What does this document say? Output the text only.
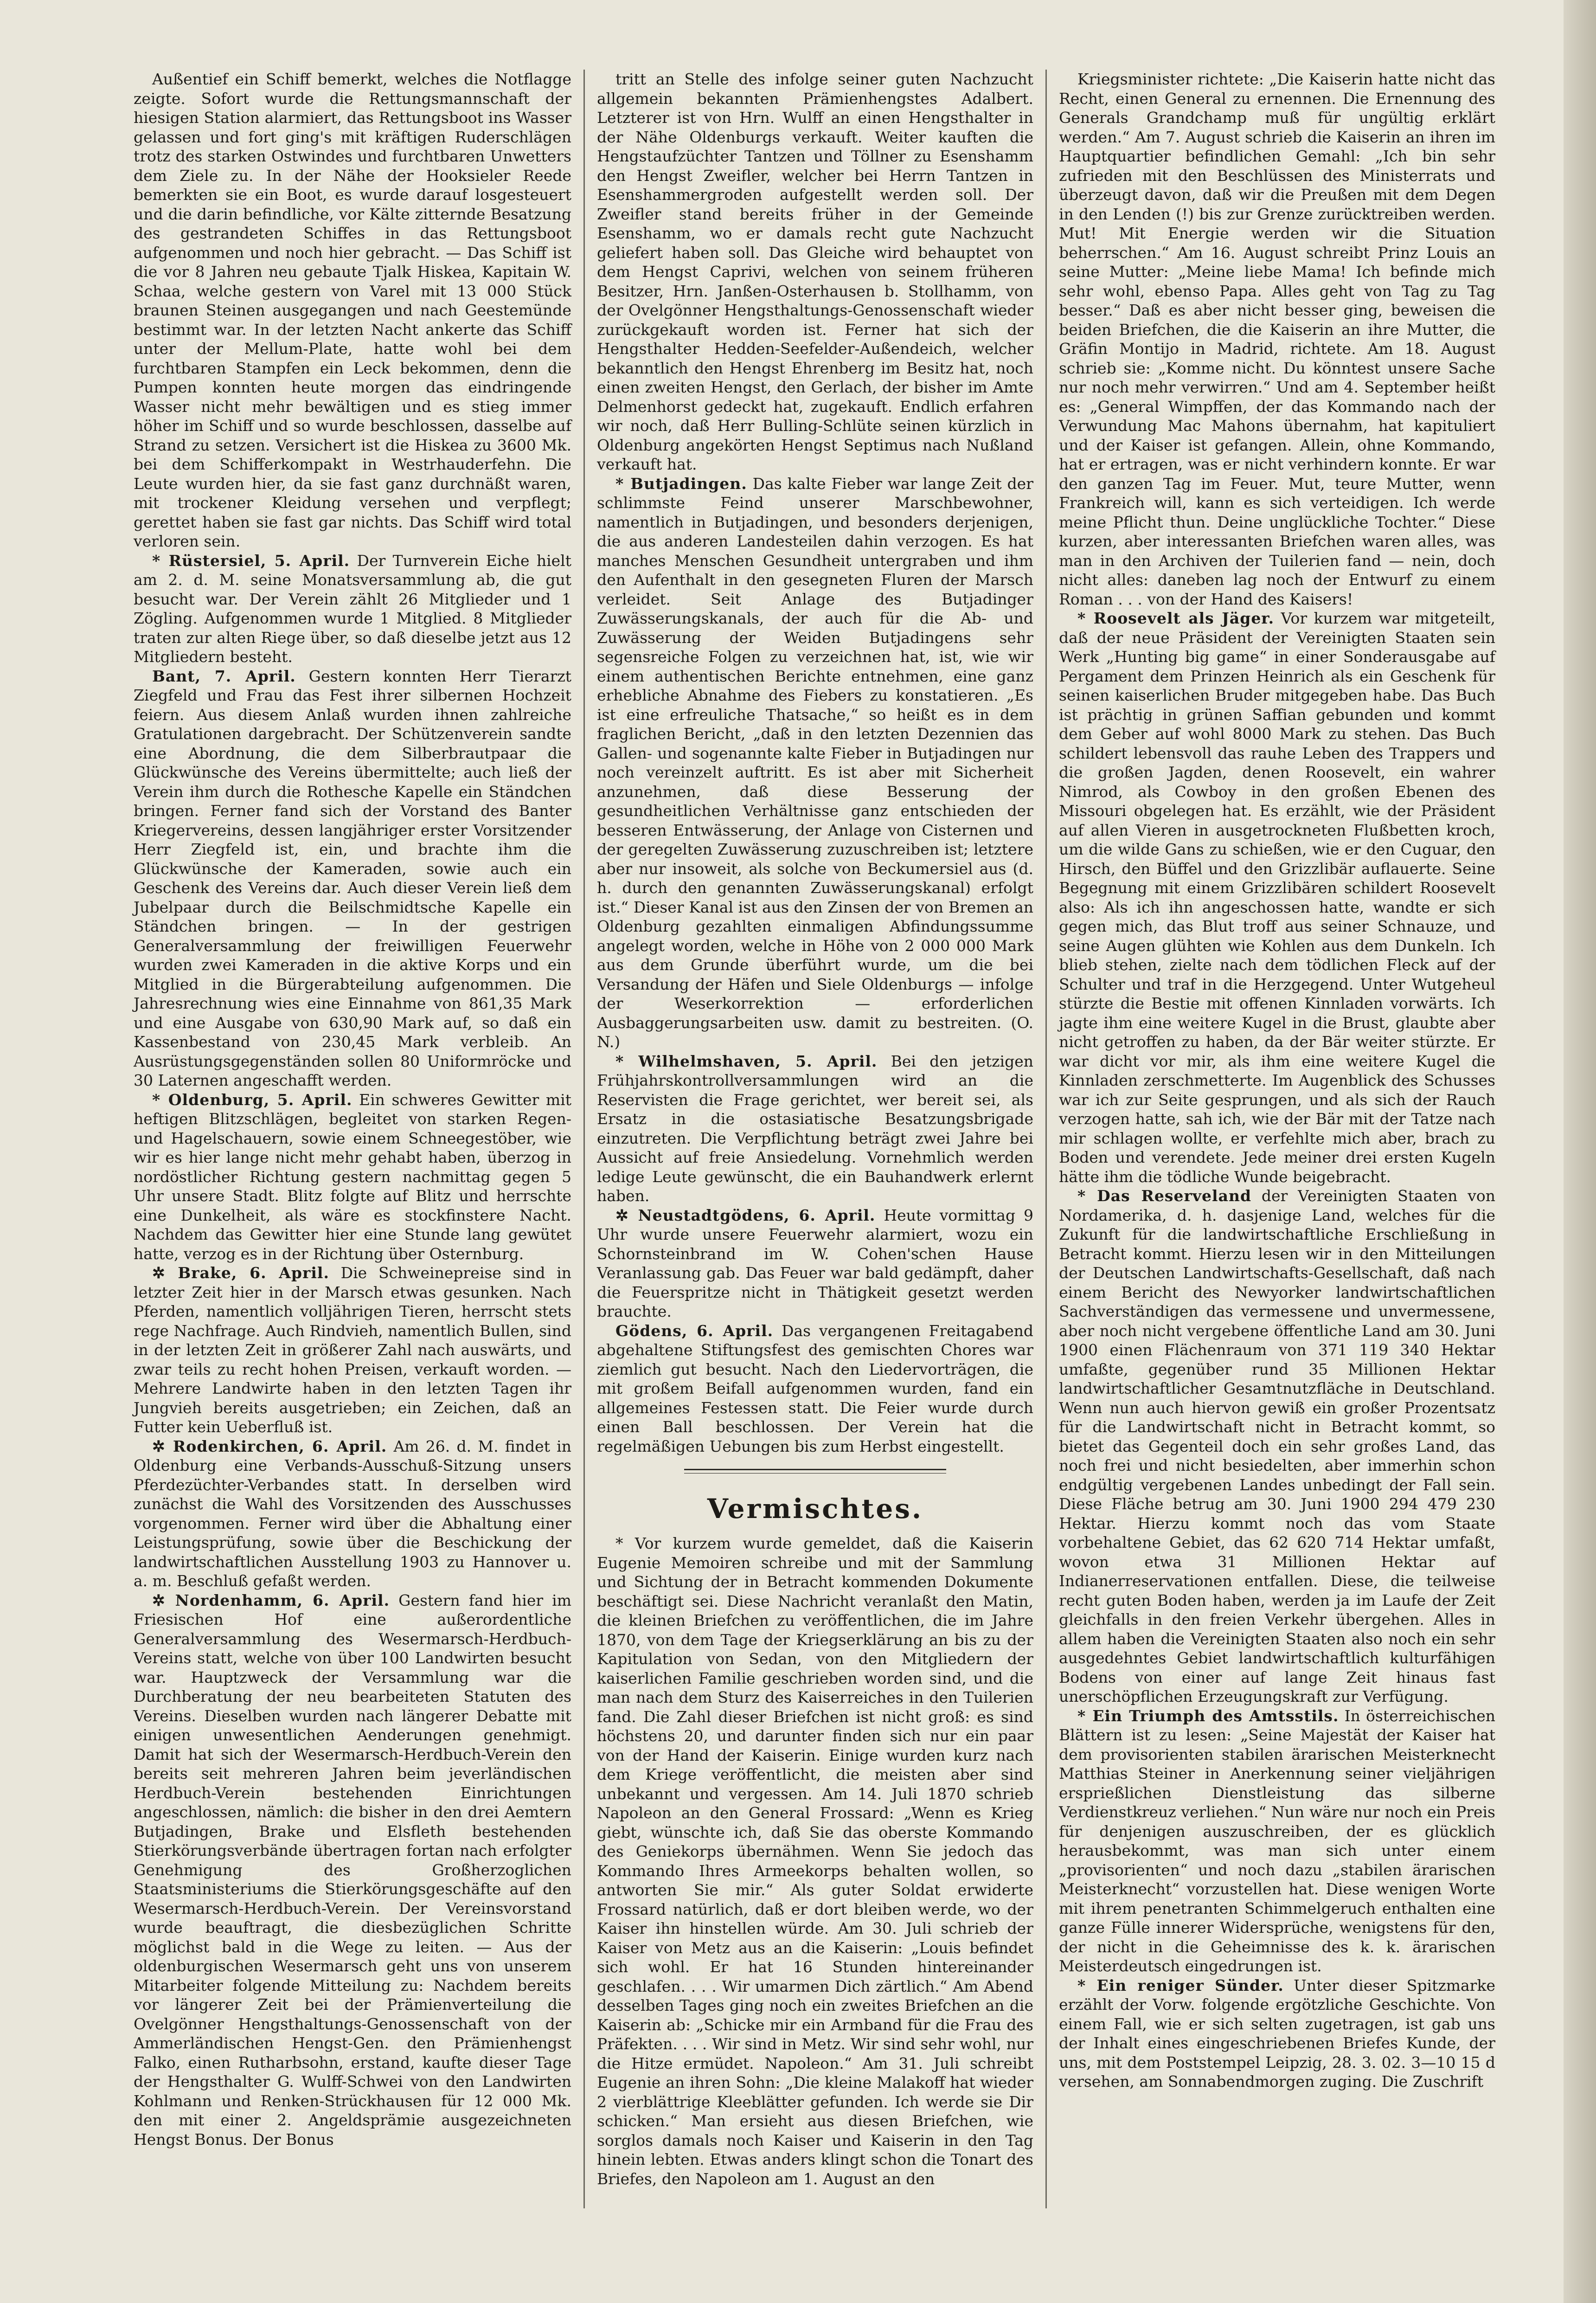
Außentief ein Schiff bemerkt, welches die Notflagge zeigte. Sofort wurde die Rettungsmannschaft der hiesigen Station alarmiert, das Rettungsboot ins Wasser gelassen und fort ging's mit kräftigen Ruderschlägen trotz des starken Ostwindes und furchtbaren Unwetters dem Ziele zu. In der Nähe der Hooksieler Reede bemerkten sie ein Boot, es wurde darauf losgesteuert und die darin befindliche, vor Kälte zitternde Besatzung des gestrandeten Schiffes in das Rettungsboot aufgenommen und noch hier gebracht. — Das Schiff ist die vor 8 Jahren neu gebaute Tjalk Hiskea, Kapitain W. Schaa, welche gestern von Varel mit 13 000 Stück braunen Steinen ausgegangen und nach Geestemünde bestimmt war. In der letzten Nacht ankerte das Schiff unter der Mellum-Plate, hatte wohl bei dem furchtbaren Stampfen ein Leck bekommen, denn die Pumpen konnten heute morgen das eindringende Wasser nicht mehr bewältigen und es stieg immer höher im Schiff und so wurde beschlossen, dasselbe auf Strand zu setzen. Versichert ist die Hiskea zu 3600 Mk. bei dem Schifferkompakt in Westrhauderfehn. Die Leute wurden hier, da sie fast ganz durchnäßt waren, mit trockener Kleidung versehen und verpflegt; gerettet haben sie fast gar nichts. Das Schiff wird total verloren sein.

* Rüstersiel, 5. April. Der Turnverein Eiche hielt am 2. d. M. seine Monatsversammlung ab, die gut besucht war. Der Verein zählt 26 Mitglieder und 1 Zögling. Aufgenommen wurde 1 Mitglied. 8 Mitglieder traten zur alten Riege über, so daß dieselbe jetzt aus 12 Mitgliedern besteht.

Bant, 7. April. Gestern konnten Herr Tierarzt Ziegfeld und Frau das Fest ihrer silbernen Hochzeit feiern. Aus diesem Anlaß wurden ihnen zahlreiche Gratulationen dargebracht. Der Schützenverein sandte eine Abordnung, die dem Silberbrautpaar die Glückwünsche des Vereins übermittelte; auch ließ der Verein ihm durch die Rothesche Kapelle ein Ständchen bringen. Ferner fand sich der Vorstand des Banter Kriegervereins, dessen langjähriger erster Vorsitzender Herr Ziegfeld ist, ein, und brachte ihm die Glückwünsche der Kameraden, sowie auch ein Geschenk des Vereins dar. Auch dieser Verein ließ dem Jubelpaar durch die Beilschmidtsche Kapelle ein Ständchen bringen. — In der gestrigen Generalversammlung der freiwilligen Feuerwehr wurden zwei Kameraden in die aktive Korps und ein Mitglied in die Bürgerabteilung aufgenommen. Die Jahresrechnung wies eine Einnahme von 861,35 Mark und eine Ausgabe von 630,90 Mark auf, so daß ein Kassenbestand von 230,45 Mark verbleib. An Ausrüstungsgegenständen sollen 80 Uniformröcke und 30 Laternen angeschafft werden.

* Oldenburg, 5. April. Ein schweres Gewitter mit heftigen Blitzschlägen, begleitet von starken Regen- und Hagelschauern, sowie einem Schneegestöber, wie wir es hier lange nicht mehr gehabt haben, überzog in nordöstlicher Richtung gestern nachmittag gegen 5 Uhr unsere Stadt. Blitz folgte auf Blitz und herrschte eine Dunkelheit, als wäre es stockfinstere Nacht. Nachdem das Gewitter hier eine Stunde lang gewütet hatte, verzog es in der Richtung über Osternburg.

✲ Brake, 6. April. Die Schweinepreise sind in letzter Zeit hier in der Marsch etwas gesunken. Nach Pferden, namentlich volljährigen Tieren, herrscht stets rege Nachfrage. Auch Rindvieh, namentlich Bullen, sind in der letzten Zeit in größerer Zahl nach auswärts, und zwar teils zu recht hohen Preisen, verkauft worden. — Mehrere Landwirte haben in den letzten Tagen ihr Jungvieh bereits ausgetrieben; ein Zeichen, daß an Futter kein Ueberfluß ist.

✲ Rodenkirchen, 6. April. Am 26. d. M. findet in Oldenburg eine Verbands-Ausschuß-Sitzung unsers Pferdezüchter-Verbandes statt. In derselben wird zunächst die Wahl des Vorsitzenden des Ausschusses vorgenommen. Ferner wird über die Abhaltung einer Leistungsprüfung, sowie über die Beschickung der landwirtschaftlichen Ausstellung 1903 zu Hannover u. a. m. Beschluß gefaßt werden.

✲ Nordenhamm, 6. April. Gestern fand hier im Friesischen Hof eine außerordentliche Generalversammlung des Wesermarsch-Herdbuch-Vereins statt, welche von über 100 Landwirten besucht war. Hauptzweck der Versammlung war die Durchberatung der neu bearbeiteten Statuten des Vereins. Dieselben wurden nach längerer Debatte mit einigen unwesentlichen Aenderungen genehmigt. Damit hat sich der Wesermarsch-Herdbuch-Verein den bereits seit mehreren Jahren beim jeverländischen Herdbuch-Verein bestehenden Einrichtungen angeschlossen, nämlich: die bisher in den drei Aemtern Butjadingen, Brake und Elsfleth bestehenden Stierkörungsverbände übertragen fortan nach erfolgter Genehmigung des Großherzoglichen Staatsministeriums die Stierkörungsgeschäfte auf den Wesermarsch-Herdbuch-Verein. Der Vereinsvorstand wurde beauftragt, die diesbezüglichen Schritte möglichst bald in die Wege zu leiten. — Aus der oldenburgischen Wesermarsch geht uns von unserem Mitarbeiter folgende Mitteilung zu: Nachdem bereits vor längerer Zeit bei der Prämienverteilung die Ovelgönner Hengsthaltungs-Genossenschaft von der Ammerländischen Hengst-Gen. den Prämienhengst Falko, einen Rutharbsohn, erstand, kaufte dieser Tage der Hengsthalter G. Wulff-Schwei von den Landwirten Kohlmann und Renken-Strückhausen für 12 000 Mk. den mit einer 2. Angeldsprämie ausgezeichneten Hengst Bonus. Der Bonus

tritt an Stelle des infolge seiner guten Nachzucht allgemein bekannten Prämienhengstes Adalbert. Letzterer ist von Hrn. Wulff an einen Hengsthalter in der Nähe Oldenburgs verkauft. Weiter kauften die Hengstaufzüchter Tantzen und Töllner zu Esenshamm den Hengst Zweifler, welcher bei Herrn Tantzen in Esenshammergroden aufgestellt werden soll. Der Zweifler stand bereits früher in der Gemeinde Esenshamm, wo er damals recht gute Nachzucht geliefert haben soll. Das Gleiche wird behauptet von dem Hengst Caprivi, welchen von seinem früheren Besitzer, Hrn. Janßen-Osterhausen b. Stollhamm, von der Ovelgönner Hengsthaltungs-Genossenschaft wieder zurückgekauft worden ist. Ferner hat sich der Hengsthalter Hedden-Seefelder-Außendeich, welcher bekanntlich den Hengst Ehrenberg im Besitz hat, noch einen zweiten Hengst, den Gerlach, der bisher im Amte Delmenhorst gedeckt hat, zugekauft. Endlich erfahren wir noch, daß Herr Bulling-Schlüte seinen kürzlich in Oldenburg angekörten Hengst Septimus nach Nußland verkauft hat.

* Butjadingen. Das kalte Fieber war lange Zeit der schlimmste Feind unserer Marschbewohner, namentlich in Butjadingen, und besonders derjenigen, die aus anderen Landesteilen dahin verzogen. Es hat manches Menschen Gesundheit untergraben und ihm den Aufenthalt in den gesegneten Fluren der Marsch verleidet. Seit Anlage des Butjadinger Zuwässerungskanals, der auch für die Ab- und Zuwässerung der Weiden Butjadingens sehr segensreiche Folgen zu verzeichnen hat, ist, wie wir einem authentischen Berichte entnehmen, eine ganz erhebliche Abnahme des Fiebers zu konstatieren. „Es ist eine erfreuliche Thatsache,“ so heißt es in dem fraglichen Bericht, „daß in den letzten Dezennien das Gallen- und sogenannte kalte Fieber in Butjadingen nur noch vereinzelt auftritt. Es ist aber mit Sicherheit anzunehmen, daß diese Besserung der gesundheitlichen Verhältnisse ganz entschieden der besseren Entwässerung, der Anlage von Cisternen und der geregelten Zuwässerung zuzuschreiben ist; letztere aber nur insoweit, als solche von Beckumersiel aus (d. h. durch den genannten Zuwässerungskanal) erfolgt ist.“ Dieser Kanal ist aus den Zinsen der von Bremen an Oldenburg gezahlten einmaligen Abfindungssumme angelegt worden, welche in Höhe von 2 000 000 Mark aus dem Grunde überführt wurde, um die bei Versandung der Häfen und Siele Oldenburgs — infolge der Weserkorrektion — erforderlichen Ausbaggerungsarbeiten usw. damit zu bestreiten. (O. N.)

* Wilhelmshaven, 5. April. Bei den jetzigen Frühjahrskontrollversammlungen wird an die Reservisten die Frage gerichtet, wer bereit sei, als Ersatz in die ostasiatische Besatzungsbrigade einzutreten. Die Verpflichtung beträgt zwei Jahre bei Aussicht auf freie Ansiedelung. Vornehmlich werden ledige Leute gewünscht, die ein Bauhandwerk erlernt haben.

✲ Neustadtgödens, 6. April. Heute vormittag 9 Uhr wurde unsere Feuerwehr alarmiert, wozu ein Schornsteinbrand im W. Cohen'schen Hause Veranlassung gab. Das Feuer war bald gedämpft, daher die Feuerspritze nicht in Thätigkeit gesetzt werden brauchte.

Gödens, 6. April. Das vergangenen Freitagabend abgehaltene Stiftungsfest des gemischten Chores war ziemlich gut besucht. Nach den Liedervorträgen, die mit großem Beifall aufgenommen wurden, fand ein allgemeines Festessen statt. Die Feier wurde durch einen Ball beschlossen. Der Verein hat die regelmäßigen Uebungen bis zum Herbst eingestellt.

Vermischtes.

* Vor kurzem wurde gemeldet, daß die Kaiserin Eugenie Memoiren schreibe und mit der Sammlung und Sichtung der in Betracht kommenden Dokumente beschäftigt sei. Diese Nachricht veranlaßt den Matin, die kleinen Briefchen zu veröffentlichen, die im Jahre 1870, von dem Tage der Kriegserklärung an bis zu der Kapitulation von Sedan, von den Mitgliedern der kaiserlichen Familie geschrieben worden sind, und die man nach dem Sturz des Kaiserreiches in den Tuilerien fand. Die Zahl dieser Briefchen ist nicht groß: es sind höchstens 20, und darunter finden sich nur ein paar von der Hand der Kaiserin. Einige wurden kurz nach dem Kriege veröffentlicht, die meisten aber sind unbekannt und vergessen. Am 14. Juli 1870 schrieb Napoleon an den General Frossard: „Wenn es Krieg giebt, wünschte ich, daß Sie das oberste Kommando des Geniekorps übernähmen. Wenn Sie jedoch das Kommando Ihres Armeekorps behalten wollen, so antworten Sie mir.“ Als guter Soldat erwiderte Frossard natürlich, daß er dort bleiben werde, wo der Kaiser ihn hinstellen würde. Am 30. Juli schrieb der Kaiser von Metz aus an die Kaiserin: „Louis befindet sich wohl. Er hat 16 Stunden hintereinander geschlafen. . . . Wir umarmen Dich zärtlich.“ Am Abend desselben Tages ging noch ein zweites Briefchen an die Kaiserin ab: „Schicke mir ein Armband für die Frau des Präfekten. . . . Wir sind in Metz. Wir sind sehr wohl, nur die Hitze ermüdet. Napoleon.“ Am 31. Juli schreibt Eugenie an ihren Sohn: „Die kleine Malakoff hat wieder 2 vierblättrige Kleeblätter gefunden. Ich werde sie Dir schicken.“ Man ersieht aus diesen Briefchen, wie sorglos damals noch Kaiser und Kaiserin in den Tag hinein lebten. Etwas anders klingt schon die Tonart des Briefes, den Napoleon am 1. August an den

Kriegsminister richtete: „Die Kaiserin hatte nicht das Recht, einen General zu ernennen. Die Ernennung des Generals Grandchamp muß für ungültig erklärt werden.“ Am 7. August schrieb die Kaiserin an ihren im Hauptquartier befindlichen Gemahl: „Ich bin sehr zufrieden mit den Beschlüssen des Ministerrats und überzeugt davon, daß wir die Preußen mit dem Degen in den Lenden (!) bis zur Grenze zurücktreiben werden. Mut! Mit Energie werden wir die Situation beherrschen.“ Am 16. August schreibt Prinz Louis an seine Mutter: „Meine liebe Mama! Ich befinde mich sehr wohl, ebenso Papa. Alles geht von Tag zu Tag besser.“ Daß es aber nicht besser ging, beweisen die beiden Briefchen, die die Kaiserin an ihre Mutter, die Gräfin Montijo in Madrid, richtete. Am 18. August schrieb sie: „Komme nicht. Du könntest unsere Sache nur noch mehr verwirren.“ Und am 4. September heißt es: „General Wimpffen, der das Kommando nach der Verwundung Mac Mahons übernahm, hat kapituliert und der Kaiser ist gefangen. Allein, ohne Kommando, hat er ertragen, was er nicht verhindern konnte. Er war den ganzen Tag im Feuer. Mut, teure Mutter, wenn Frankreich will, kann es sich verteidigen. Ich werde meine Pflicht thun. Deine unglückliche Tochter.“ Diese kurzen, aber interessanten Briefchen waren alles, was man in den Archiven der Tuilerien fand — nein, doch nicht alles: daneben lag noch der Entwurf zu einem Roman . . . von der Hand des Kaisers!

* Roosevelt als Jäger. Vor kurzem war mitgeteilt, daß der neue Präsident der Vereinigten Staaten sein Werk „Hunting big game“ in einer Sonderausgabe auf Pergament dem Prinzen Heinrich als ein Geschenk für seinen kaiserlichen Bruder mitgegeben habe. Das Buch ist prächtig in grünen Saffian gebunden und kommt dem Geber auf wohl 8000 Mark zu stehen. Das Buch schildert lebensvoll das rauhe Leben des Trappers und die großen Jagden, denen Roosevelt, ein wahrer Nimrod, als Cowboy in den großen Ebenen des Missouri obgelegen hat. Es erzählt, wie der Präsident auf allen Vieren in ausgetrockneten Flußbetten kroch, um die wilde Gans zu schießen, wie er den Cuguar, den Hirsch, den Büffel und den Grizzlibär auflauerte. Seine Begegnung mit einem Grizzlibären schildert Roosevelt also: Als ich ihn angeschossen hatte, wandte er sich gegen mich, das Blut troff aus seiner Schnauze, und seine Augen glühten wie Kohlen aus dem Dunkeln. Ich blieb stehen, zielte nach dem tödlichen Fleck auf der Schulter und traf in die Herzgegend. Unter Wutgeheul stürzte die Bestie mit offenen Kinnladen vorwärts. Ich jagte ihm eine weitere Kugel in die Brust, glaubte aber nicht getroffen zu haben, da der Bär weiter stürzte. Er war dicht vor mir, als ihm eine weitere Kugel die Kinnladen zerschmetterte. Im Augenblick des Schusses war ich zur Seite gesprungen, und als sich der Rauch verzogen hatte, sah ich, wie der Bär mit der Tatze nach mir schlagen wollte, er verfehlte mich aber, brach zu Boden und verendete. Jede meiner drei ersten Kugeln hätte ihm die tödliche Wunde beigebracht.

* Das Reserveland der Vereinigten Staaten von Nordamerika, d. h. dasjenige Land, welches für die Zukunft für die landwirtschaftliche Erschließung in Betracht kommt. Hierzu lesen wir in den Mitteilungen der Deutschen Landwirtschafts-Gesellschaft, daß nach einem Bericht des Newyorker landwirtschaftlichen Sachverständigen das vermessene und unvermessene, aber noch nicht vergebene öffentliche Land am 30. Juni 1900 einen Flächenraum von 371 119 340 Hektar umfaßte, gegenüber rund 35 Millionen Hektar landwirtschaftlicher Gesamtnutzfläche in Deutschland. Wenn nun auch hiervon gewiß ein großer Prozentsatz für die Landwirtschaft nicht in Betracht kommt, so bietet das Gegenteil doch ein sehr großes Land, das noch frei und nicht besiedelten, aber immerhin schon endgültig vergebenen Landes unbedingt der Fall sein. Diese Fläche betrug am 30. Juni 1900 294 479 230 Hektar. Hierzu kommt noch das vom Staate vorbehaltene Gebiet, das 62 620 714 Hektar umfaßt, wovon etwa 31 Millionen Hektar auf Indianerreservationen entfallen. Diese, die teilweise recht guten Boden haben, werden ja im Laufe der Zeit gleichfalls in den freien Verkehr übergehen. Alles in allem haben die Vereinigten Staaten also noch ein sehr ausgedehntes Gebiet landwirtschaftlich kulturfähigen Bodens von einer auf lange Zeit hinaus fast unerschöpflichen Erzeugungskraft zur Verfügung.

* Ein Triumph des Amtsstils. In österreichischen Blättern ist zu lesen: „Seine Majestät der Kaiser hat dem provisorienten stabilen ärarischen Meisterknecht Matthias Steiner in Anerkennung seiner vieljährigen ersprießlichen Dienstleistung das silberne Verdienstkreuz verliehen.“ Nun wäre nur noch ein Preis für denjenigen auszuschreiben, der es glücklich herausbekommt, was man sich unter einem „provisorienten“ und noch dazu „stabilen ärarischen Meisterknecht“ vorzustellen hat. Diese wenigen Worte mit ihrem penetranten Schimmelgeruch enthalten eine ganze Fülle innerer Widersprüche, wenigstens für den, der nicht in die Geheimnisse des k. k. ärarischen Meisterdeutsch eingedrungen ist.

* Ein reniger Sünder. Unter dieser Spitzmarke erzählt der Vorw. folgende ergötzliche Geschichte. Von einem Fall, wie er sich selten zugetragen, ist gab uns der Inhalt eines eingeschriebenen Briefes Kunde, der uns, mit dem Poststempel Leipzig, 28. 3. 02. 3—10 15 d versehen, am Sonnabendmorgen zuging. Die Zuschrift
